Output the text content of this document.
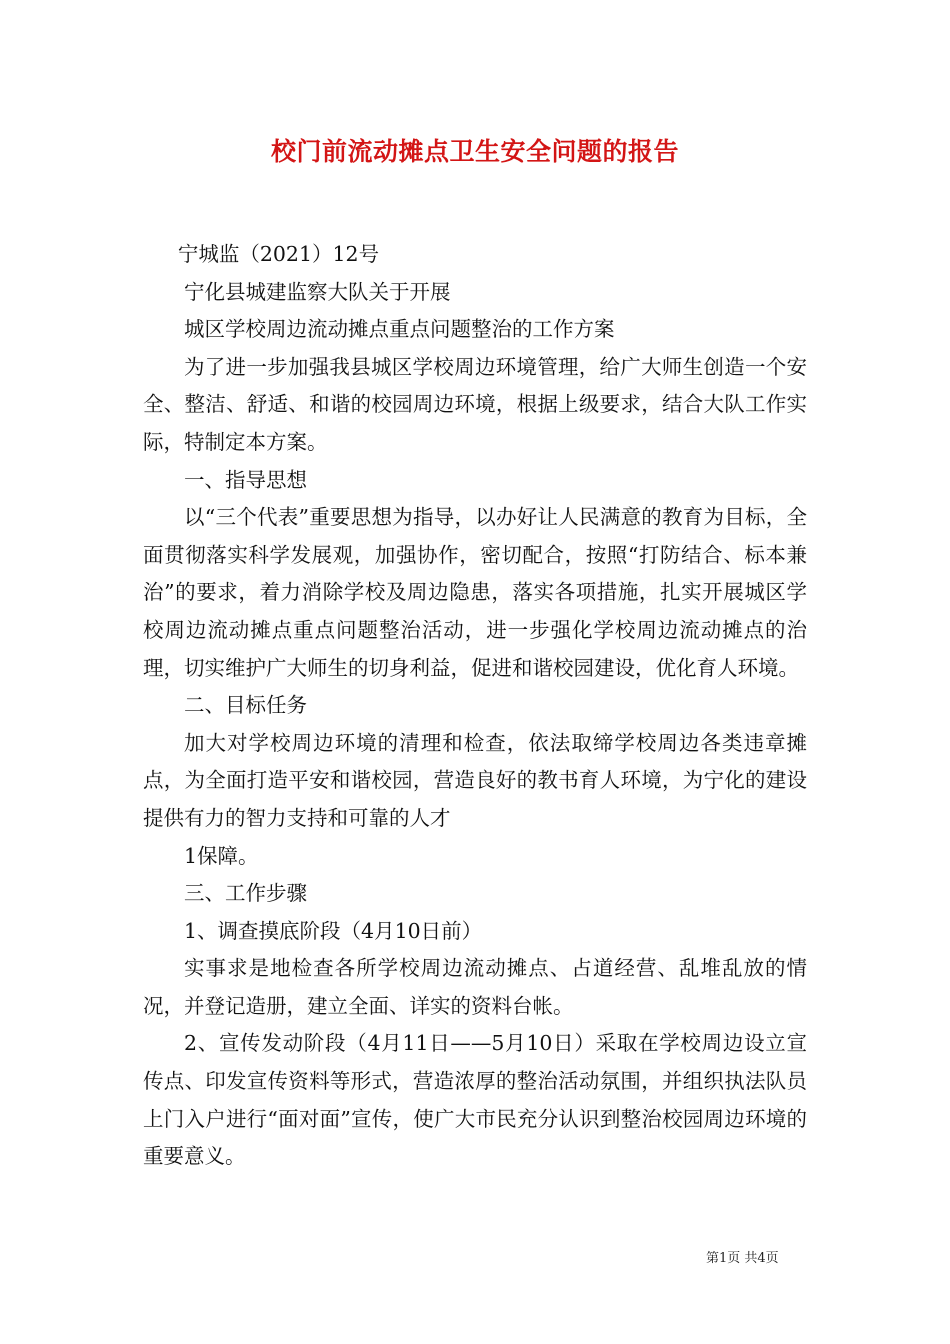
校门前流动摊点卫生安全问题的报告

宁城监（2021）12号

宁化县城建监察大队关于开展

城区学校周边流动摊点重点问题整治的工作方案

为了进一步加强我县城区学校周边环境管理，给广大师生创造一个安全、整洁、舒适、和谐的校园周边环境，根据上级要求，结合大队工作实际，特制定本方案。

一、指导思想

以“三个代表”重要思想为指导，以办好让人民满意的教育为目标，全面贯彻落实科学发展观，加强协作，密切配合，按照“打防结合、标本兼治”的要求，着力消除学校及周边隐患，落实各项措施，扎实开展城区学校周边流动摊点重点问题整治活动，进一步强化学校周边流动摊点的治理，切实维护广大师生的切身利益，促进和谐校园建设，优化育人环境。

二、目标任务

加大对学校周边环境的清理和检查，依法取缔学校周边各类违章摊点，为全面打造平安和谐校园，营造良好的教书育人环境，为宁化的建设提供有力的智力支持和可靠的人才

1保障。

三、工作步骤

1、调查摸底阶段（4月10日前）

实事求是地检查各所学校周边流动摊点、占道经营、乱堆乱放的情况，并登记造册，建立全面、详实的资料台帐。

2、宣传发动阶段（4月11日——5月10日）采取在学校周边设立宣传点、印发宣传资料等形式，营造浓厚的整治活动氛围，并组织执法队员上门入户进行“面对面”宣传，使广大市民充分认识到整治校园周边环境的重要意义。

第1页 共4页
